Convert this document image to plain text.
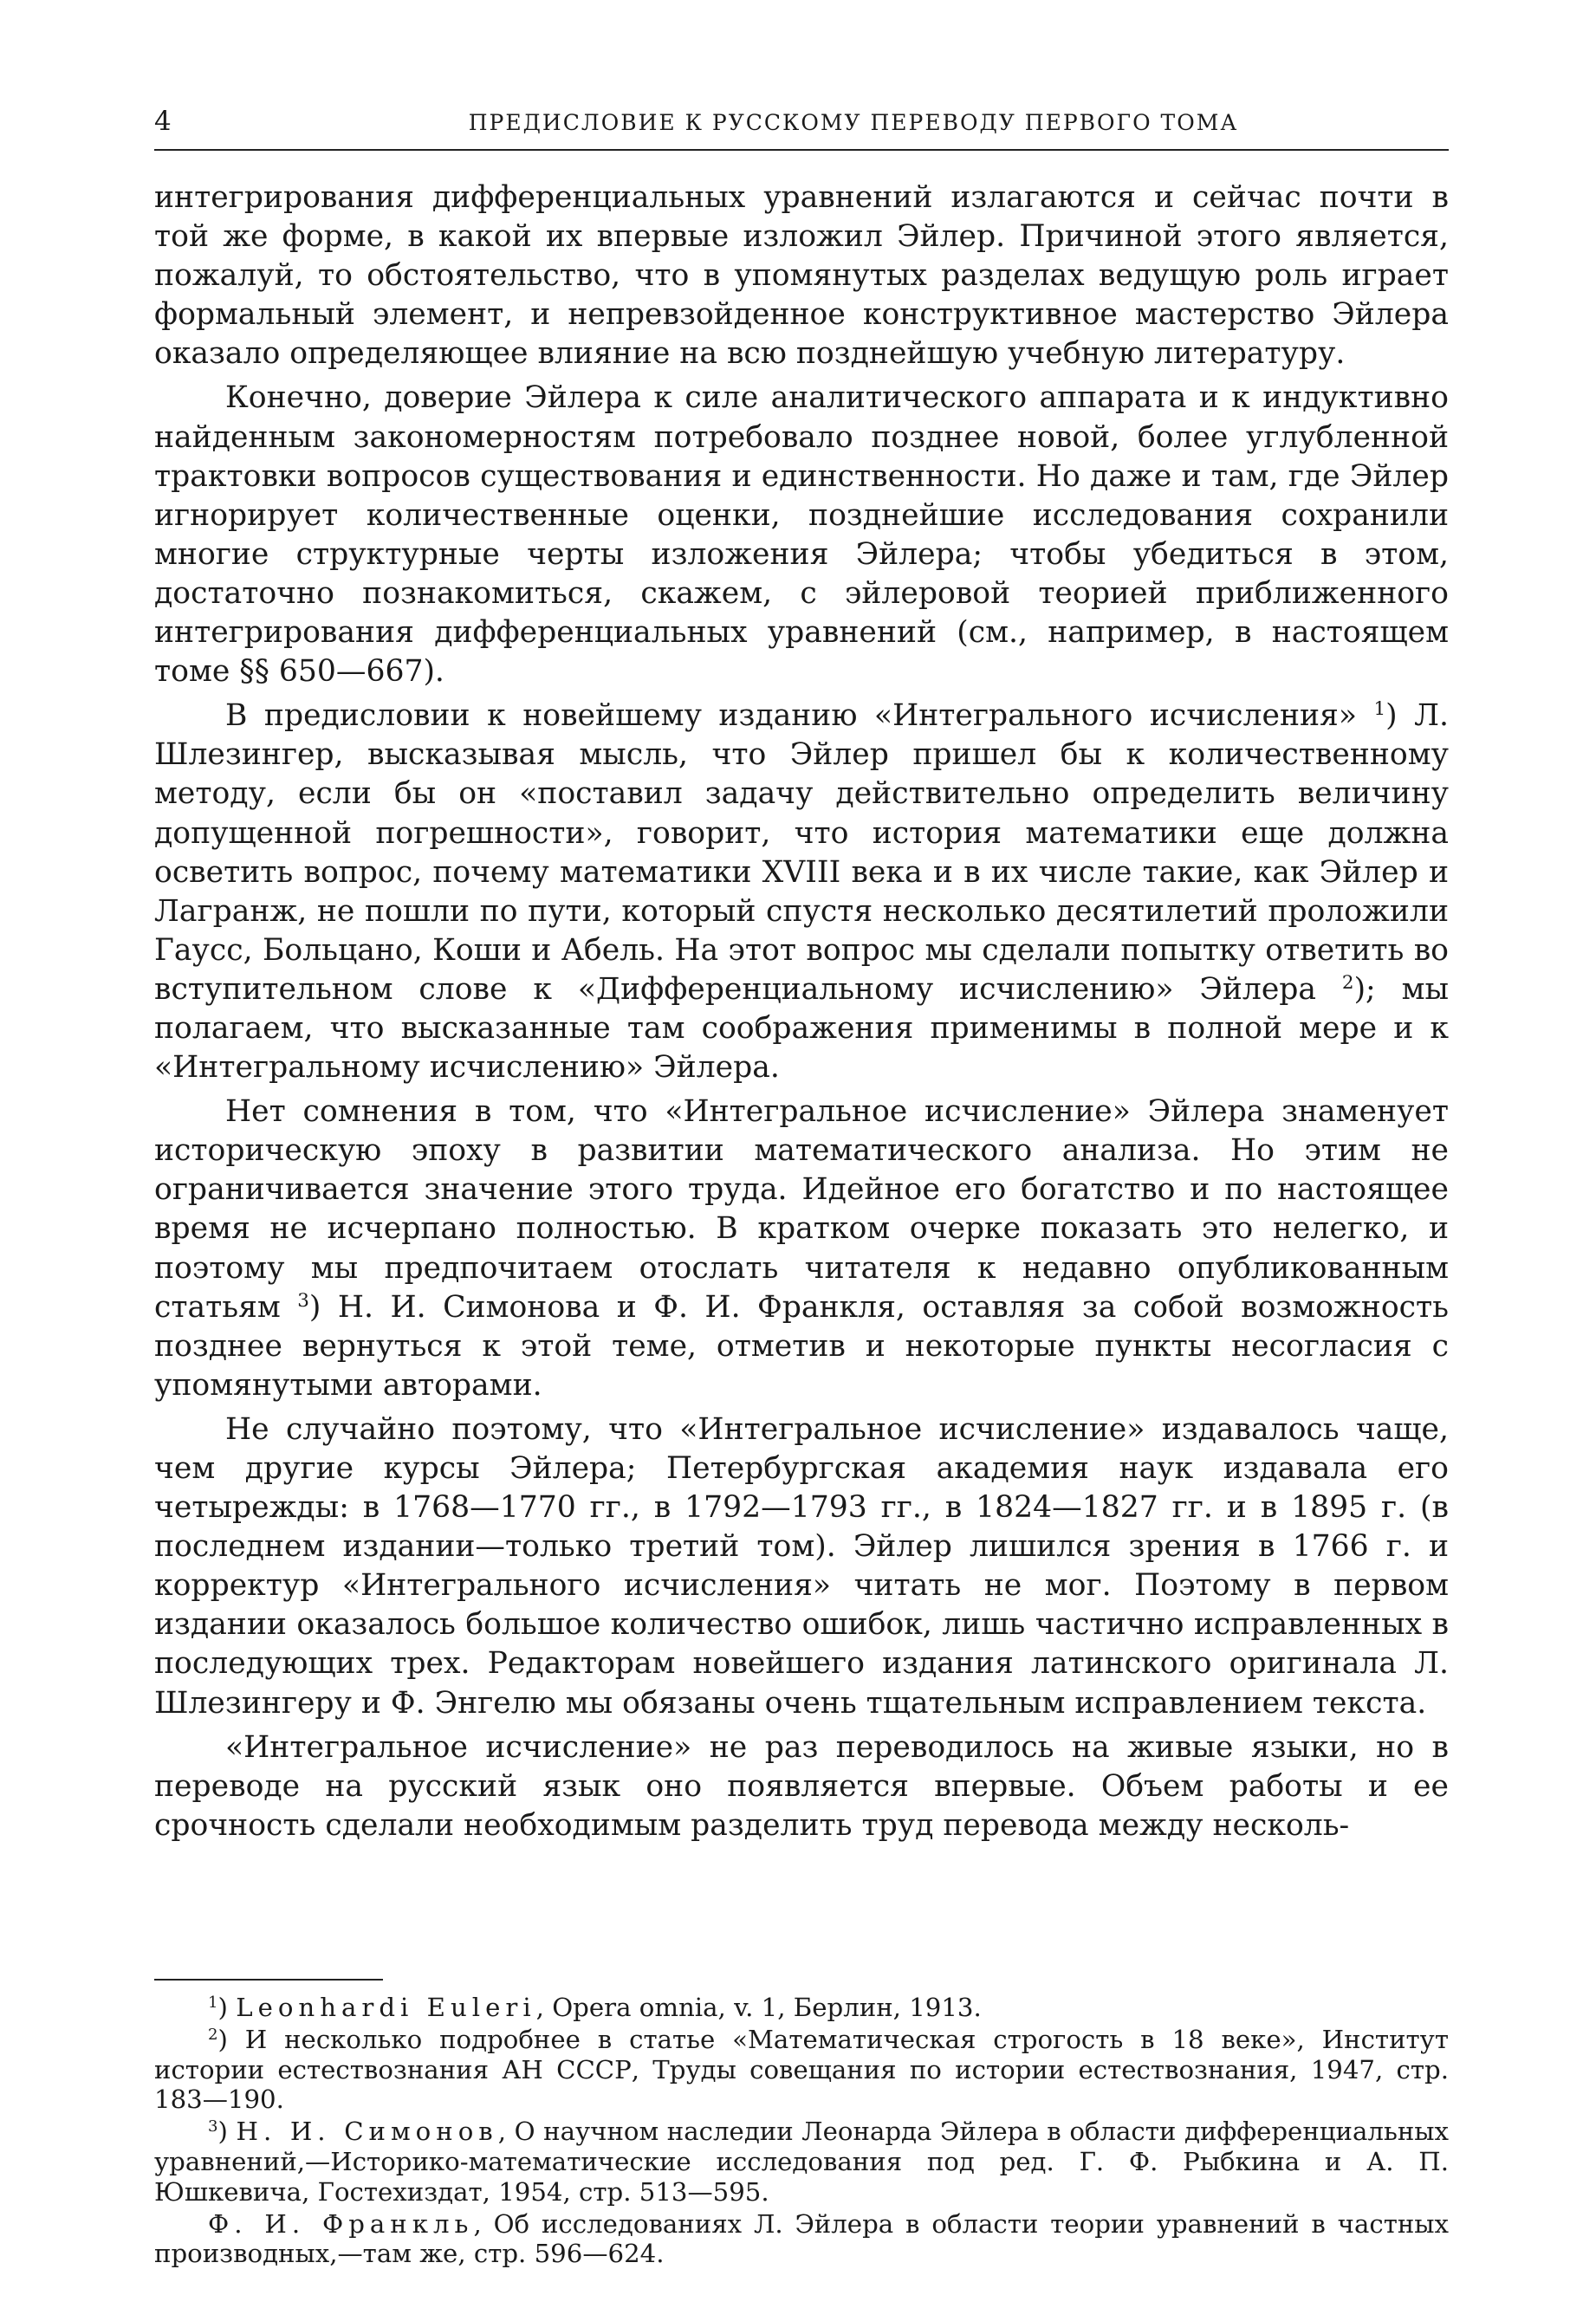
4	ПРЕДИСЛОВИЕ К РУССКОМУ ПЕРЕВОДУ ПЕРВОГО ТОМА

интегрирования дифференциальных уравнений излагаются и сейчас почти в той же форме, в какой их впервые изложил Эйлер. Причиной этого является, пожалуй, то обстоятельство, что в упомянутых разделах ведущую роль играет формальный элемент, и непревзойденное конструктивное мастерство Эйлера оказало определяющее влияние на всю позднейшую учебную литературу.

Конечно, доверие Эйлера к силе аналитического аппарата и к индуктивно найденным закономерностям потребовало позднее новой, более углубленной трактовки вопросов существования и единственности. Но даже и там, где Эйлер игнорирует количественные оценки, позднейшие исследования сохранили многие структурные черты изложения Эйлера; чтобы убедиться в этом, достаточно познакомиться, скажем, с эйлеровой теорией приближенного интегрирования дифференциальных уравнений (см., например, в настоящем томе §§ 650—667).

В предисловии к новейшему изданию «Интегрального исчисления» $^1$) Л. Шлезингер, высказывая мысль, что Эйлер пришел бы к количественному методу, если бы он «поставил задачу действительно определить величину допущенной погрешности», говорит, что история математики еще должна осветить вопрос, почему математики XVIII века и в их числе такие, как Эйлер и Лагранж, не пошли по пути, который спустя несколько десятилетий проложили Гаусс, Больцано, Коши и Абель. На этот вопрос мы сделали попытку ответить во вступительном слове к «Дифференциальному исчислению» Эйлера $^2$); мы полагаем, что высказанные там соображения применимы в полной мере и к «Интегральному исчислению» Эйлера.

Нет сомнения в том, что «Интегральное исчисление» Эйлера знаменует историческую эпоху в развитии математического анализа. Но этим не ограничивается значение этого труда. Идейное его богатство и по настоящее время не исчерпано полностью. В кратком очерке показать это нелегко, и поэтому мы предпочитаем отослать читателя к недавно опубликованным статьям $^3$) Н. И. Симонова и Ф. И. Франкля, оставляя за собой возможность позднее вернуться к этой теме, отметив и некоторые пункты несогласия с упомянутыми авторами.

Не случайно поэтому, что «Интегральное исчисление» издавалось чаще, чем другие курсы Эйлера; Петербургская академия наук издавала его четырежды: в 1768—1770 гг., в 1792—1793 гг., в 1824—1827 гг. и в 1895 г. (в последнем издании—только третий том). Эйлер лишился зрения в 1766 г. и корректур «Интегрального исчисления» читать не мог. Поэтому в первом издании оказалось большое количество ошибок, лишь частично исправленных в последующих трех. Редакторам новейшего издания латинского оригинала Л. Шлезингеру и Ф. Энгелю мы обязаны очень тщательным исправлением текста.

«Интегральное исчисление» не раз переводилось на живые языки, но в переводе на русский язык оно появляется впервые. Объем работы и ее срочность сделали необходимым разделить труд перевода между несколь-

$^1$) Leonhardi Euleri, Opera omnia, v. 1, Берлин, 1913.

$^2$) И несколько подробнее в статье «Математическая строгость в 18 веке», Институт истории естествознания АН СССР, Труды совещания по истории естествознания, 1947, стр. 183—190.

$^3$) Н. И. Симонов, О научном наследии Леонарда Эйлера в области дифференциальных уравнений,—Историко-математические исследования под ред. Г. Ф. Рыбкина и А. П. Юшкевича, Гостехиздат, 1954, стр. 513—595.

Ф. И. Франкль, Об исследованиях Л. Эйлера в области теории уравнений в частных производных,—там же, стр. 596—624.
